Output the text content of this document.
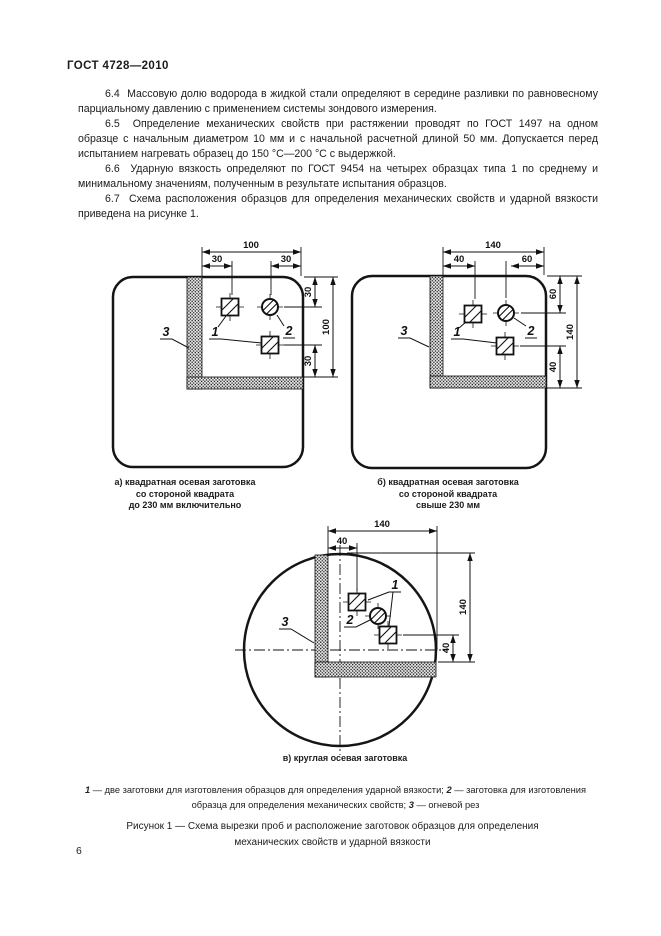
ГОСТ 4728—2010

6.4  Массовую долю водорода в жидкой стали определяют в середине разливки по равновесному парциальному давлению с применением системы зондового измерения.

6.5  Определение механических свойств при растяжении проводят по ГОСТ 1497 на одном образце с начальным диаметром 10 мм и с начальной расчетной длиной 50 мм. Допускается перед испытанием нагревать образец до 150 °С—200 °С с выдержкой.

6.6  Ударную вязкость определяют по ГОСТ 9454 на четырех образцах типа 1 по среднему и минимальному значениям, полученным в результате испытания образцов.

6.7  Схема расположения образцов для определения механических свойств и ударной вязкости приведена на рисунке 1.

100
30	30
30
30
100
3	1	2
140
40	60
60
40
140
3	1	2
140
40
140
40
1
2
3
а) квадратная осевая заготовка
со стороной квадрата
до 230 мм включительно
б) квадратная осевая заготовка
со стороной квадрата
свыше 230 мм
в) круглая осевая заготовка
1 — две заготовки для изготовления образцов для определения ударной вязкости; 2 — заготовка для изготовления образца для определения механических свойств; 3 — огневой рез
Рисунок 1 — Схема вырезки проб и расположение заготовок образцов для определения
механических свойств и ударной вязкости
6
